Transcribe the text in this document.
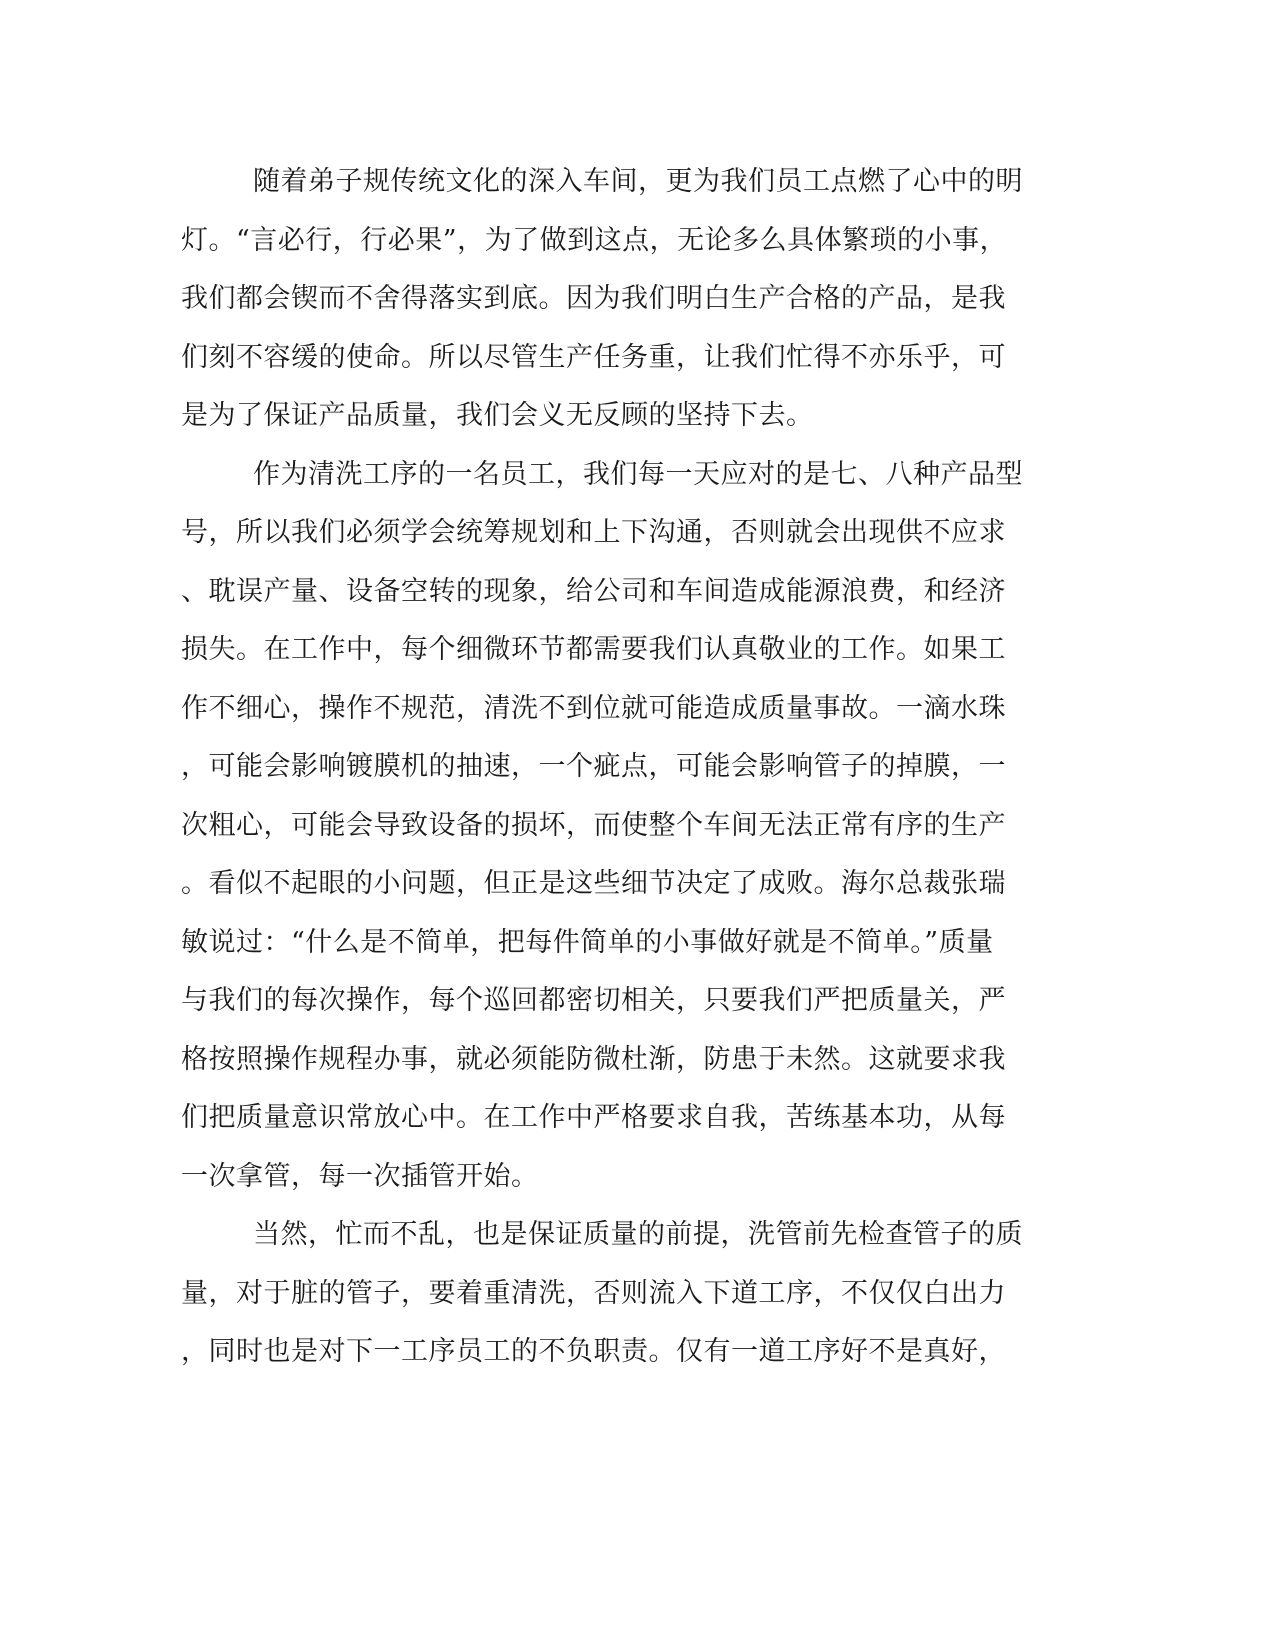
随着弟子规传统文化的深入车间，更为我们员工点燃了心中的明
灯。“言必行，行必果”，为了做到这点，无论多么具体繁琐的小事，
我们都会锲而不舍得落实到底。因为我们明白生产合格的产品，是我
们刻不容缓的使命。所以尽管生产任务重，让我们忙得不亦乐乎，可
是为了保证产品质量，我们会义无反顾的坚持下去。
作为清洗工序的一名员工，我们每一天应对的是七、八种产品型
号，所以我们必须学会统筹规划和上下沟通，否则就会出现供不应求
、耽误产量、设备空转的现象，给公司和车间造成能源浪费，和经济
损失。在工作中，每个细微环节都需要我们认真敬业的工作。如果工
作不细心，操作不规范，清洗不到位就可能造成质量事故。一滴水珠
，可能会影响镀膜机的抽速，一个疵点，可能会影响管子的掉膜，一
次粗心，可能会导致设备的损坏，而使整个车间无法正常有序的生产
。看似不起眼的小问题，但正是这些细节决定了成败。海尔总裁张瑞
敏说过：“什么是不简单，把每件简单的小事做好就是不简单。”质量
与我们的每次操作，每个巡回都密切相关，只要我们严把质量关，严
格按照操作规程办事，就必须能防微杜渐，防患于未然。这就要求我
们把质量意识常放心中。在工作中严格要求自我，苦练基本功，从每
一次拿管，每一次插管开始。
当然，忙而不乱，也是保证质量的前提，洗管前先检查管子的质
量，对于脏的管子，要着重清洗，否则流入下道工序，不仅仅白出力
，同时也是对下一工序员工的不负职责。仅有一道工序好不是真好，
